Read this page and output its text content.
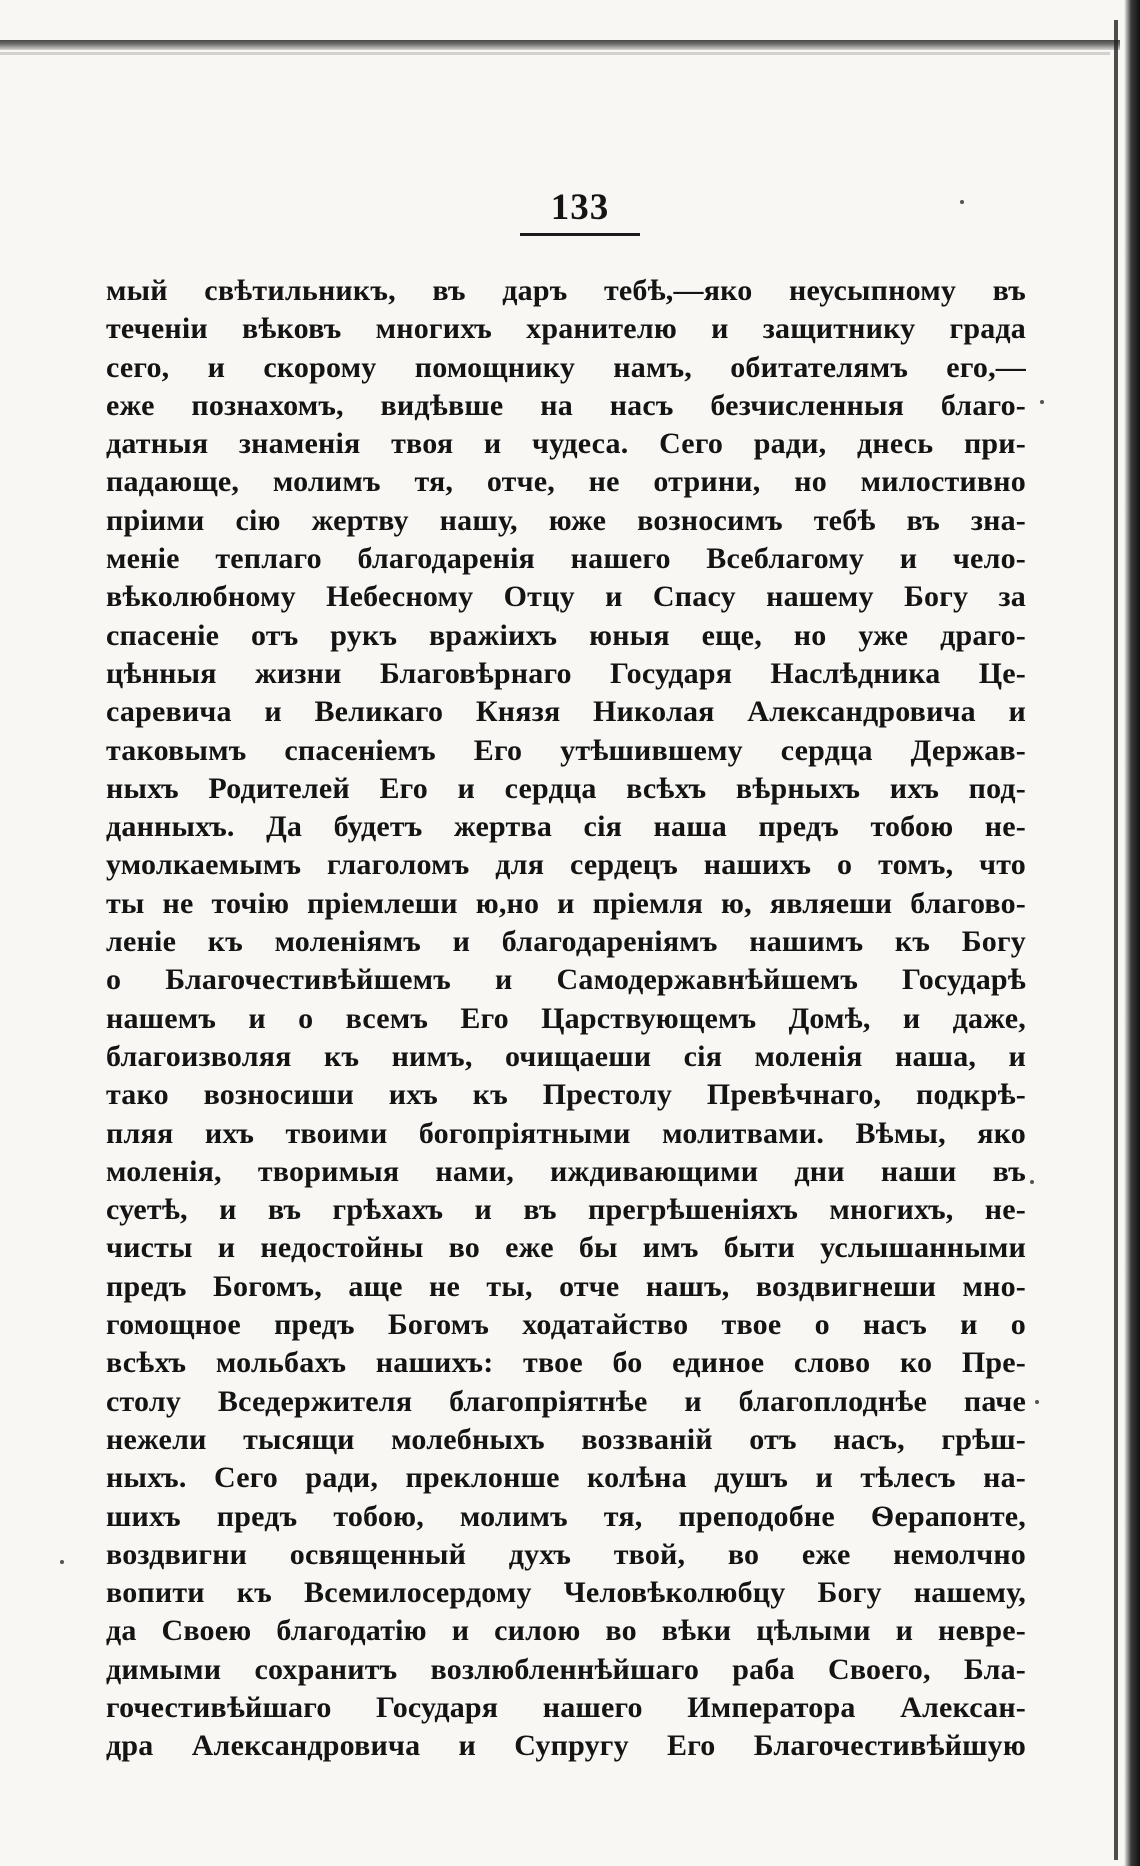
133
мый свѣтильникъ, въ даръ тебѣ,—яко неусыпному въ
теченіи вѣковъ многихъ хранителю и защитнику града
сего, и скорому помощнику намъ, обитателямъ его,—
еже познахомъ, видѣвше на насъ безчисленныя благо-
датныя знаменія твоя и чудеса. Сего ради, днесь при-
падающе, молимъ тя, отче, не отрини, но милостивно
пріими сію жертву нашу, юже возносимъ тебѣ въ зна-
меніе теплаго благодаренія нашего Всеблагому и чело-
вѣколюбному Небесному Отцу и Спасу нашему Богу за
спасеніе отъ рукъ вражіихъ юныя еще, но уже драго-
цѣнныя жизни Благовѣрнаго Государя Наслѣдника Це-
саревича и Великаго Князя Николая Александровича и
таковымъ спасеніемъ Его утѣшившему сердца Держав-
ныхъ Родителей Его и сердца всѣхъ вѣрныхъ ихъ под-
данныхъ. Да будетъ жертва сія наша предъ тобою не-
умолкаемымъ глаголомъ для сердецъ нашихъ о томъ, что
ты не точію пріемлеши ю,но и пріемля ю, являеши благово-
леніе къ моленіямъ и благодареніямъ нашимъ къ Богу
о Благочестивѣйшемъ и Самодержавнѣйшемъ Государѣ
нашемъ и о всемъ Его Царствующемъ Домѣ, и даже,
благоизволяя къ нимъ, очищаеши сія моленія наша, и
тако возносиши ихъ къ Престолу Превѣчнаго, подкрѣ-
пляя ихъ твоими богопріятными молитвами. Вѣмы, яко
моленія, творимыя нами, иждивающими дни наши въ
суетѣ, и въ грѣхахъ и въ прегрѣшеніяхъ многихъ, не-
чисты и недостойны во еже бы имъ быти услышанными
предъ Богомъ, аще не ты, отче нашъ, воздвигнеши мно-
гомощное предъ Богомъ ходатайство твое о насъ и о
всѣхъ мольбахъ нашихъ: твое бо единое слово ко Пре-
столу Вседержителя благопріятнѣе и благоплоднѣе паче
нежели тысящи молебныхъ воззваній отъ насъ, грѣш-
ныхъ. Сего ради, преклонше колѣна душъ и тѣлесъ на-
шихъ предъ тобою, молимъ тя, преподобне Ѳерапонте,
воздвигни освященный духъ твой, во еже немолчно
вопити къ Всемилосердому Человѣколюбцу Богу нашему,
да Своею благодатію и силою во вѣки цѣлыми и невре-
димыми сохранитъ возлюбленнѣйшаго раба Своего, Бла-
гочестивѣйшаго Государя нашего Императора Алексан-
дра Александровича и Супругу Его Благочестивѣйшую
